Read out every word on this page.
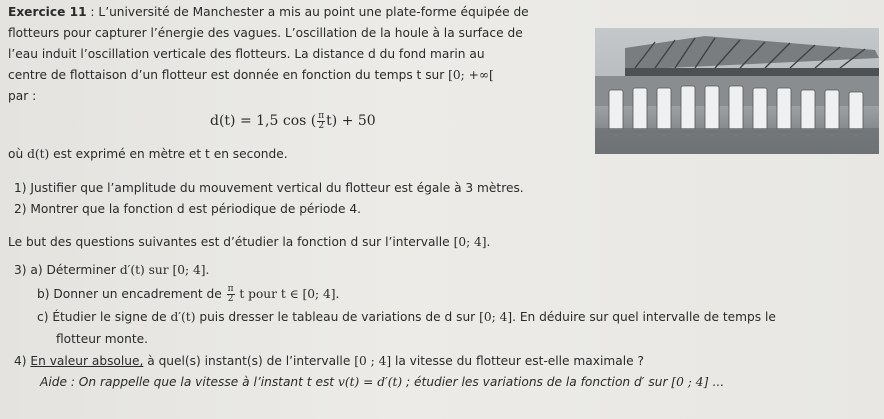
Exercice 11 : L’université de Manchester a mis au point une plate-forme équipée de
flotteurs pour capturer l’énergie des vagues. L’oscillation de la houle à la surface de
l’eau induit l’oscillation verticale des flotteurs. La distance d du fond marin au
centre de flottaison d’un flotteur est donnée en fonction du temps t sur [0; +∞[
par :
d(t) = 1,5 cos ( $\frac{\pi}{2} t) + 50$
où d(t) est exprimé en mètre et t en seconde.
1) Justifier que l’amplitude du mouvement vertical du flotteur est égale à 3 mètres.
2) Montrer que la fonction d est périodique de période 4.
Le but des questions suivantes est d’étudier la fonction d sur l’intervalle [0; 4].
3) a) Déterminer d′(t) sur [0; 4].
b) Donner un encadrement de $\frac{\pi}{2}$ t pour t ∈ [0; 4].
c) Étudier le signe de d′(t) puis dresser le tableau de variations de d sur [0; 4]. En déduire sur quel intervalle de temps le
flotteur monte.
4) En valeur absolue, à quel(s) instant(s) de l’intervalle [0 ; 4] la vitesse du flotteur est-elle maximale ?
Aide : On rappelle que la vitesse à l’instant t est v(t) = d′(t) ; étudier les variations de la fonction d′ sur [0 ; 4] ...
